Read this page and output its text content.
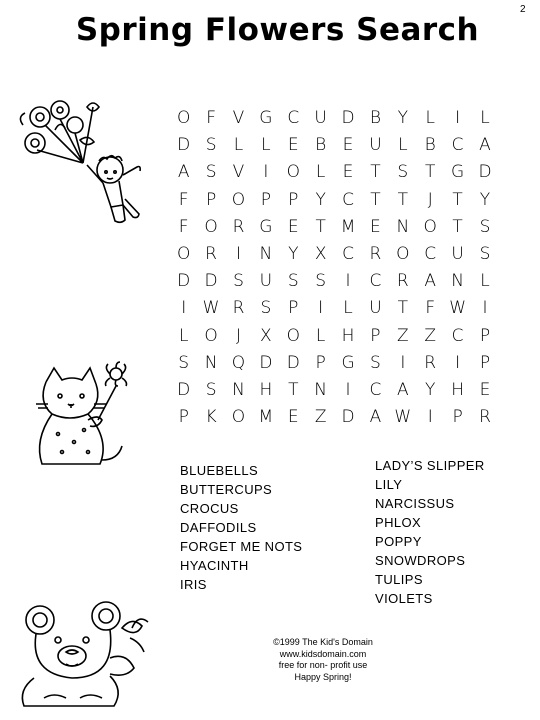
2
Spring Flowers Search
O F V G C U D B Y	L	I	L
D S	L	L	E B E U L	B C A
A S V	I	O L	E T S T G D
F	P O P	P	Y C T	T	J	T	Y
F O R G E T M E N O T S
O R	I	N Y X C R O C U S
D D S U S S	I	C R A N L
I W R S P	I	L U T	F W I
L O	J	X O L H P Z Z C P
S N Q D D P G S	I	R	I	P
D S N H T N	I	C A Y H E
P K O M E Z D A W I	P R
BLUEBELLS
BUTTERCUPS
CROCUS
DAFFODILS
FORGET ME NOTS
HYACINTH
IRIS
LADY’S SLIPPER
LILY
NARCISSUS
PHLOX
POPPY
SNOWDROPS
TULIPS
VIOLETS
©1999 The Kid's Domain
www.kidsdomain.com
free for non- profit use
Happy Spring!
